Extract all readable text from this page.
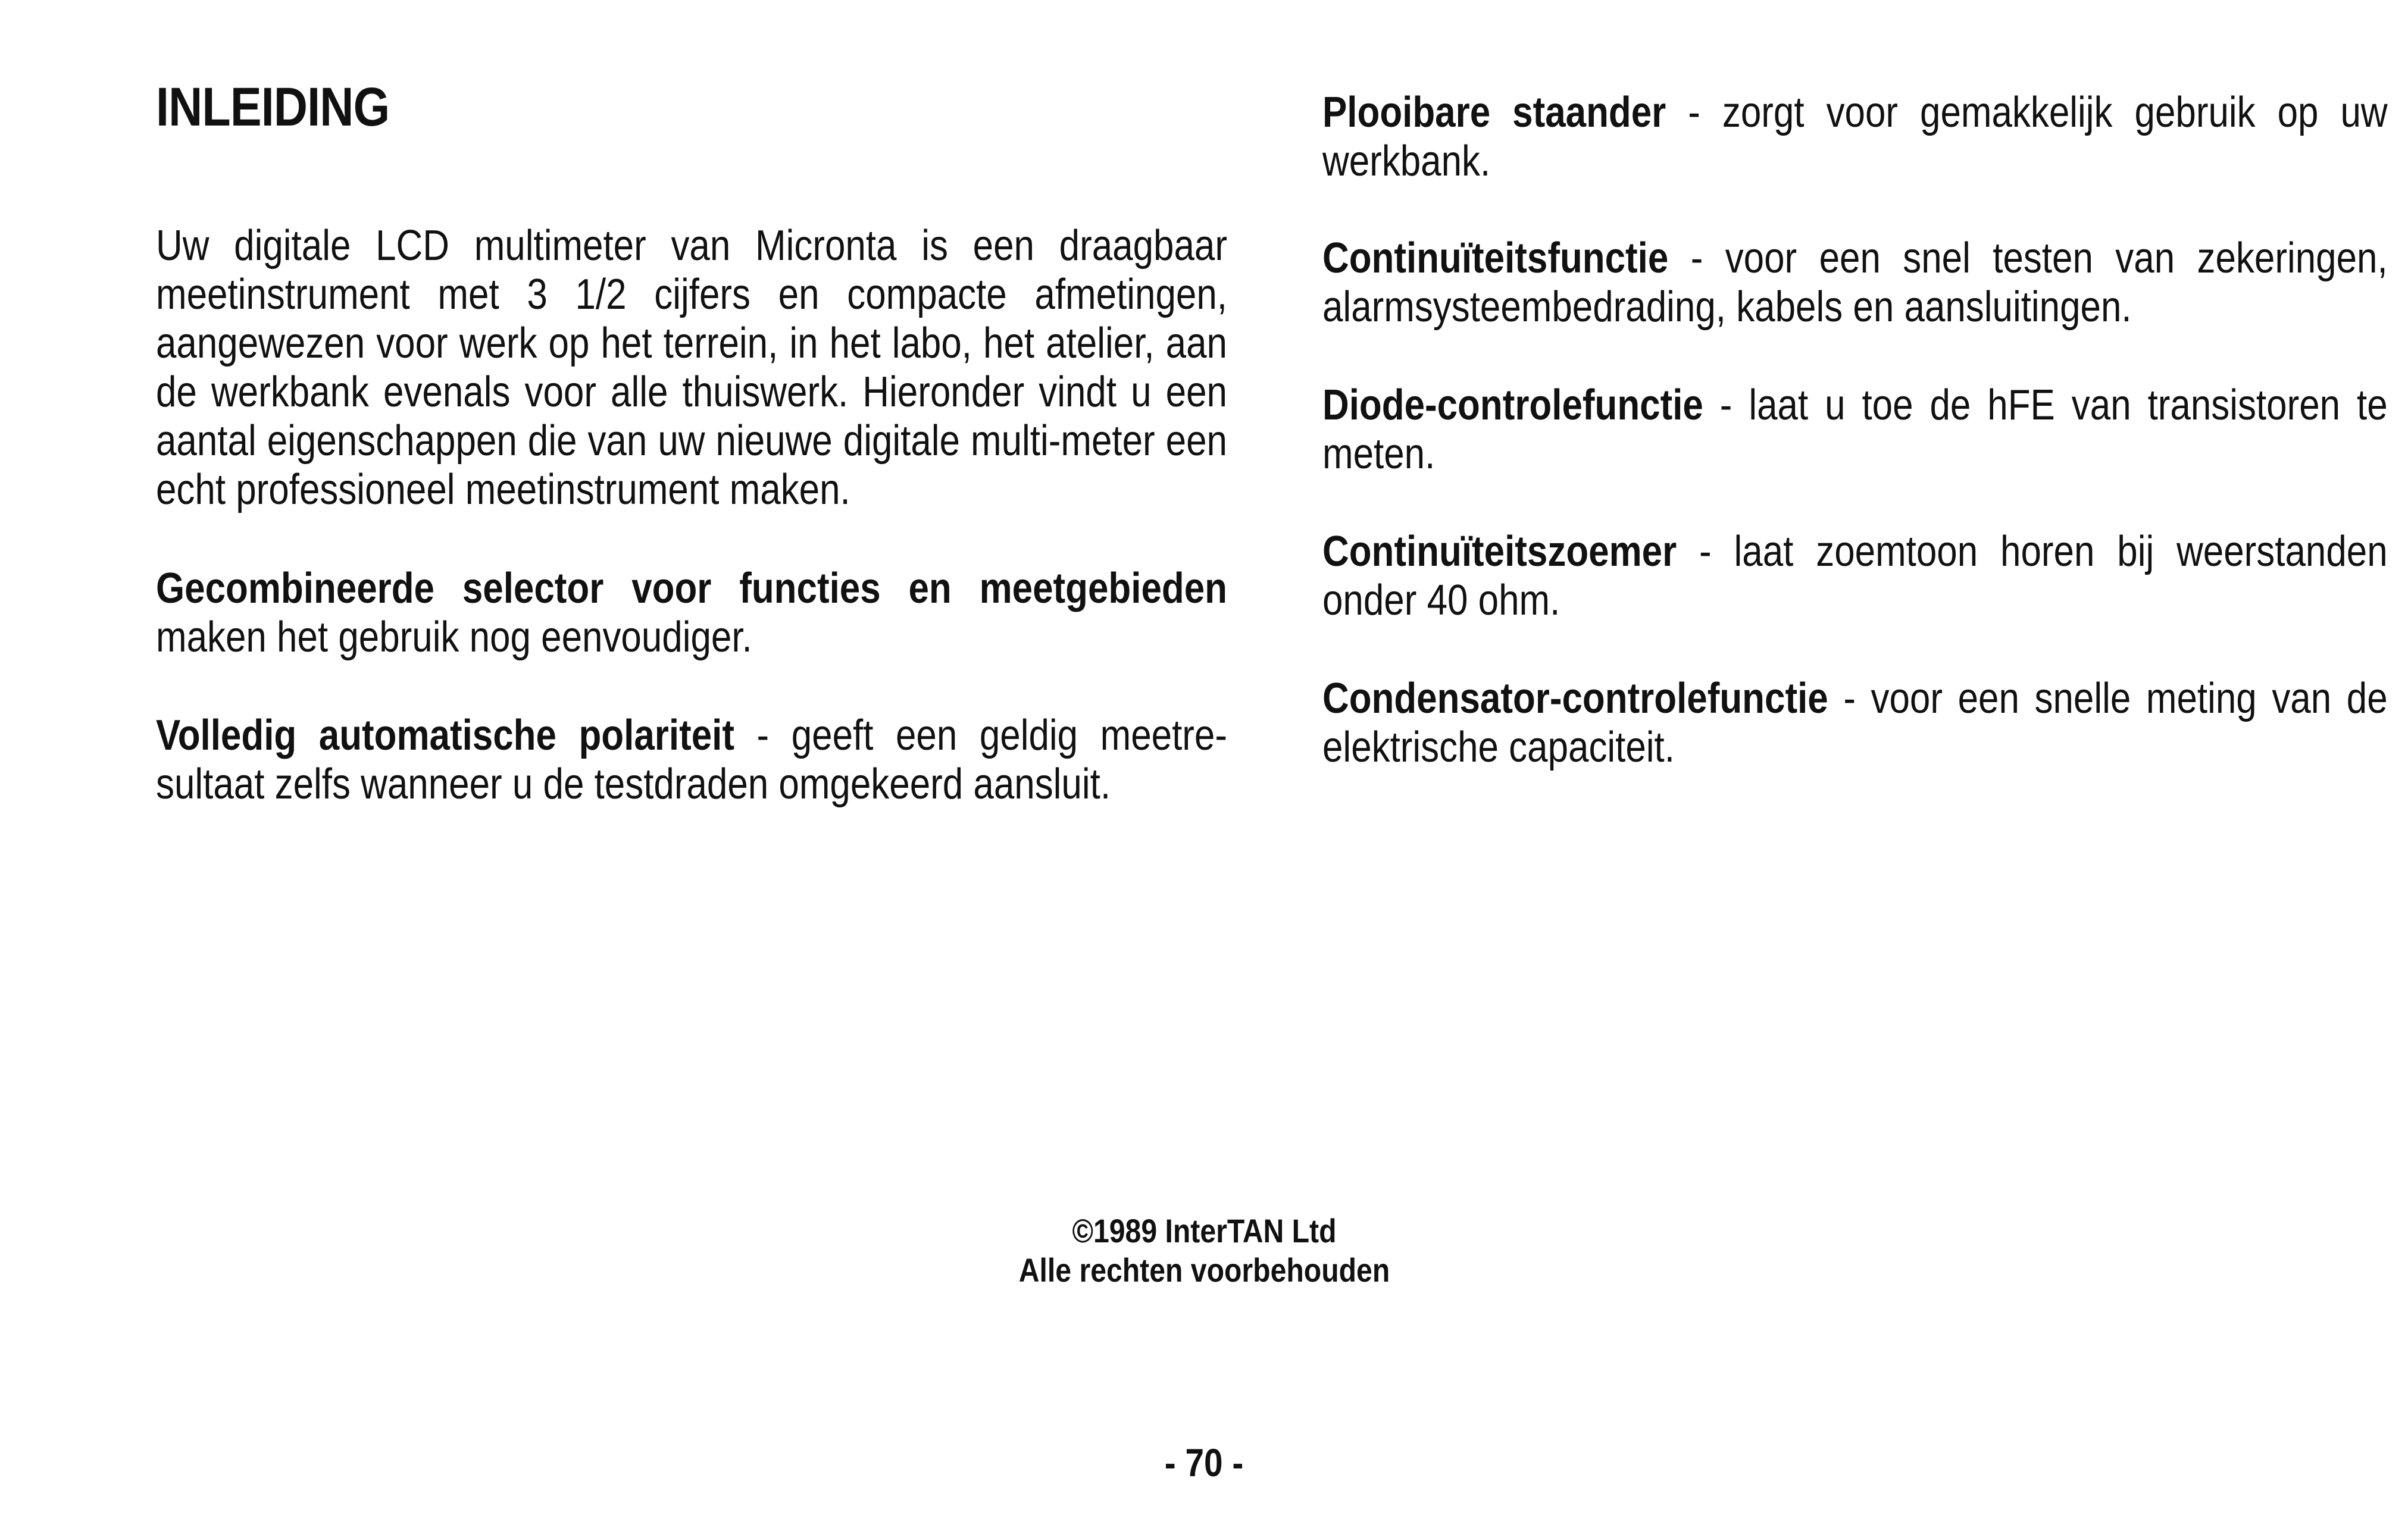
INLEIDING

Uw digitale LCD multimeter van Micronta is een draagbaar meetinstrument met 3 1/2 cijfers en compacte afmetingen, aangewezen voor werk op het terrein, in het labo, het atelier, aan de werkbank evenals voor alle thuiswerk. Hieronder vindt u een aantal eigenschappen die van uw nieuwe digitale multi-meter een echt professioneel meetinstrument maken.

Gecombineerde selector voor functies en meetgebieden maken het gebruik nog eenvoudiger.

Volledig automatische polariteit - geeft een geldig meetre-sultaat zelfs wanneer u de testdraden omgekeerd aansluit.

Plooibare staander - zorgt voor gemakkelijk gebruik op uw werkbank.

Continuïteitsfunctie - voor een snel testen van zekeringen, alarmsysteembedrading, kabels en aansluitingen.

Diode-controlefunctie - laat u toe de hFE van transistoren te meten.

Continuïteitszoemer - laat zoemtoon horen bij weerstanden onder 40 ohm.

Condensator-controlefunctie - voor een snelle meting van de elektrische capaciteit.

©1989 InterTAN Ltd
Alle rechten voorbehouden
- 70 -
